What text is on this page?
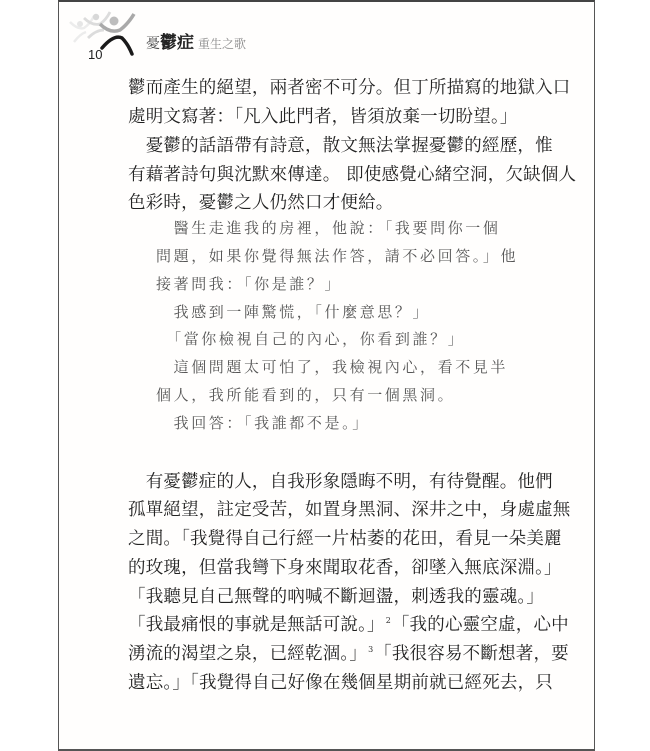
憂鬱症 重生之歌
10
鬱而產生的絕望，兩者密不可分。但丁所描寫的地獄入口
處明文寫著：「凡入此門者，皆須放棄一切盼望。」
　憂鬱的話語帶有詩意，散文無法掌握憂鬱的經歷，惟
有藉著詩句與沈默來傳達。 即使感覺心緒空洞，欠缺個人
色彩時，憂鬱之人仍然口才便給。
　醫生走進我的房裡，他說：「我要問你一個
問題，如果你覺得無法作答，請不必回答。」他
接著問我：「你是誰？」
　我感到一陣驚慌，「什麼意思？」
　「當你檢視自己的內心，你看到誰？」
　這個問題太可怕了，我檢視內心，看不見半
個人，我所能看到的，只有一個黑洞。
　我回答：「我誰都不是。」
　有憂鬱症的人，自我形象隱晦不明，有待覺醒。他們
孤單絕望，註定受苦，如置身黑洞、深井之中，身處虛無
之間。「我覺得自己行經一片枯萎的花田，看見一朵美麗
的玫瑰，但當我彎下身來聞取花香，卻墜入無底深淵。」
「我聽見自己無聲的吶喊不斷迴盪，刺透我的靈魂。」
「我最痛恨的事就是無話可說。」$^2$「我的心靈空虛，心中
湧流的渴望之泉，已經乾涸。」$^3$「我很容易不斷想著，要
遺忘。」「我覺得自己好像在幾個星期前就已經死去，只
